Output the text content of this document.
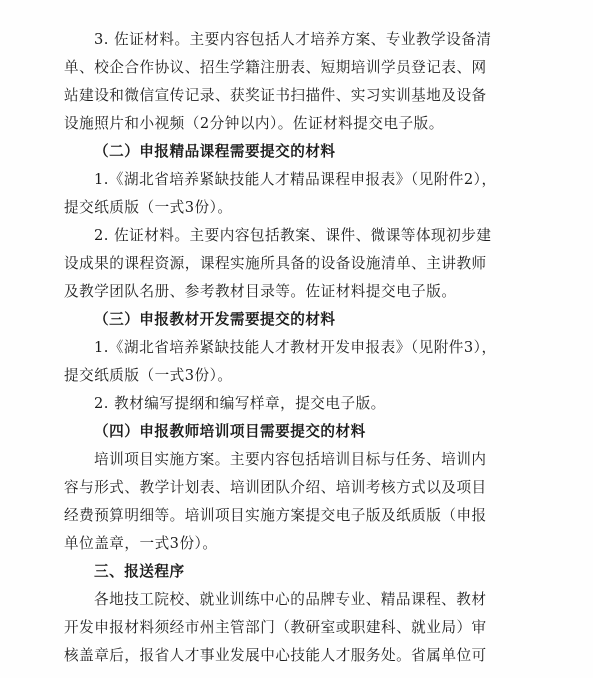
3. 佐证材料。主要内容包括人才培养方案、专业教学设备清
单、校企合作协议、招生学籍注册表、短期培训学员登记表、网
站建设和微信宣传记录、获奖证书扫描件、实习实训基地及设备
设施照片和小视频（2分钟以内）。佐证材料提交电子版。
（二）申报精品课程需要提交的材料
1.《湖北省培养紧缺技能人才精品课程申报表》（见附件2），
提交纸质版（一式3份）。
2. 佐证材料。主要内容包括教案、课件、微课等体现初步建
设成果的课程资源，课程实施所具备的设备设施清单、主讲教师
及教学团队名册、参考教材目录等。佐证材料提交电子版。
（三）申报教材开发需要提交的材料
1.《湖北省培养紧缺技能人才教材开发申报表》（见附件3），
提交纸质版（一式3份）。
2. 教材编写提纲和编写样章，提交电子版。
（四）申报教师培训项目需要提交的材料
培训项目实施方案。主要内容包括培训目标与任务、培训内
容与形式、教学计划表、培训团队介绍、培训考核方式以及项目
经费预算明细等。培训项目实施方案提交电子版及纸质版（申报
单位盖章，一式3份）。
三、报送程序
各地技工院校、就业训练中心的品牌专业、精品课程、教材
开发申报材料须经市州主管部门（教研室或职建科、就业局）审
核盖章后，报省人才事业发展中心技能人才服务处。省属单位可
